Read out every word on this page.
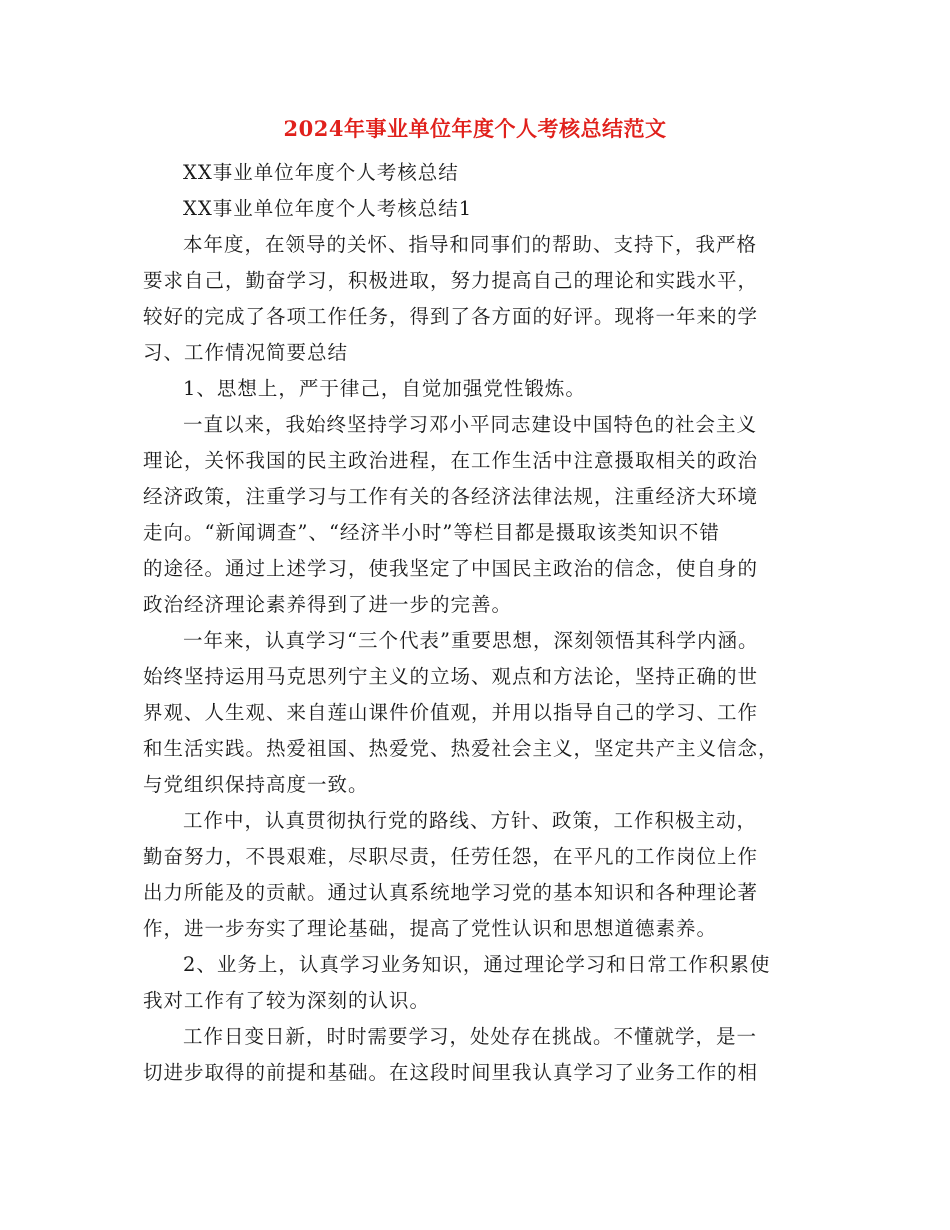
2024年事业单位年度个人考核总结范文
XX事业单位年度个人考核总结
XX事业单位年度个人考核总结1
本年度，在领导的关怀、指导和同事们的帮助、支持下，我严格
要求自己，勤奋学习，积极进取，努力提高自己的理论和实践水平，
较好的完成了各项工作任务，得到了各方面的好评。现将一年来的学
习、工作情况简要总结
1、思想上，严于律己，自觉加强党性锻炼。
一直以来，我始终坚持学习邓小平同志建设中国特色的社会主义
理论，关怀我国的民主政治进程，在工作生活中注意摄取相关的政治
经济政策，注重学习与工作有关的各经济法律法规，注重经济大环境
走向。“新闻调查”、“经济半小时”等栏目都是摄取该类知识不错
的途径。通过上述学习，使我坚定了中国民主政治的信念，使自身的
政治经济理论素养得到了进一步的完善。
一年来，认真学习“三个代表”重要思想，深刻领悟其科学内涵。
始终坚持运用马克思列宁主义的立场、观点和方法论，坚持正确的世
界观、人生观、来自莲山课件价值观，并用以指导自己的学习、工作
和生活实践。热爱祖国、热爱党、热爱社会主义，坚定共产主义信念，
与党组织保持高度一致。
工作中，认真贯彻执行党的路线、方针、政策，工作积极主动，
勤奋努力，不畏艰难，尽职尽责，任劳任怨，在平凡的工作岗位上作
出力所能及的贡献。通过认真系统地学习党的基本知识和各种理论著
作，进一步夯实了理论基础，提高了党性认识和思想道德素养。
2、业务上，认真学习业务知识，通过理论学习和日常工作积累使
我对工作有了较为深刻的认识。
工作日变日新，时时需要学习，处处存在挑战。不懂就学，是一
切进步取得的前提和基础。在这段时间里我认真学习了业务工作的相
